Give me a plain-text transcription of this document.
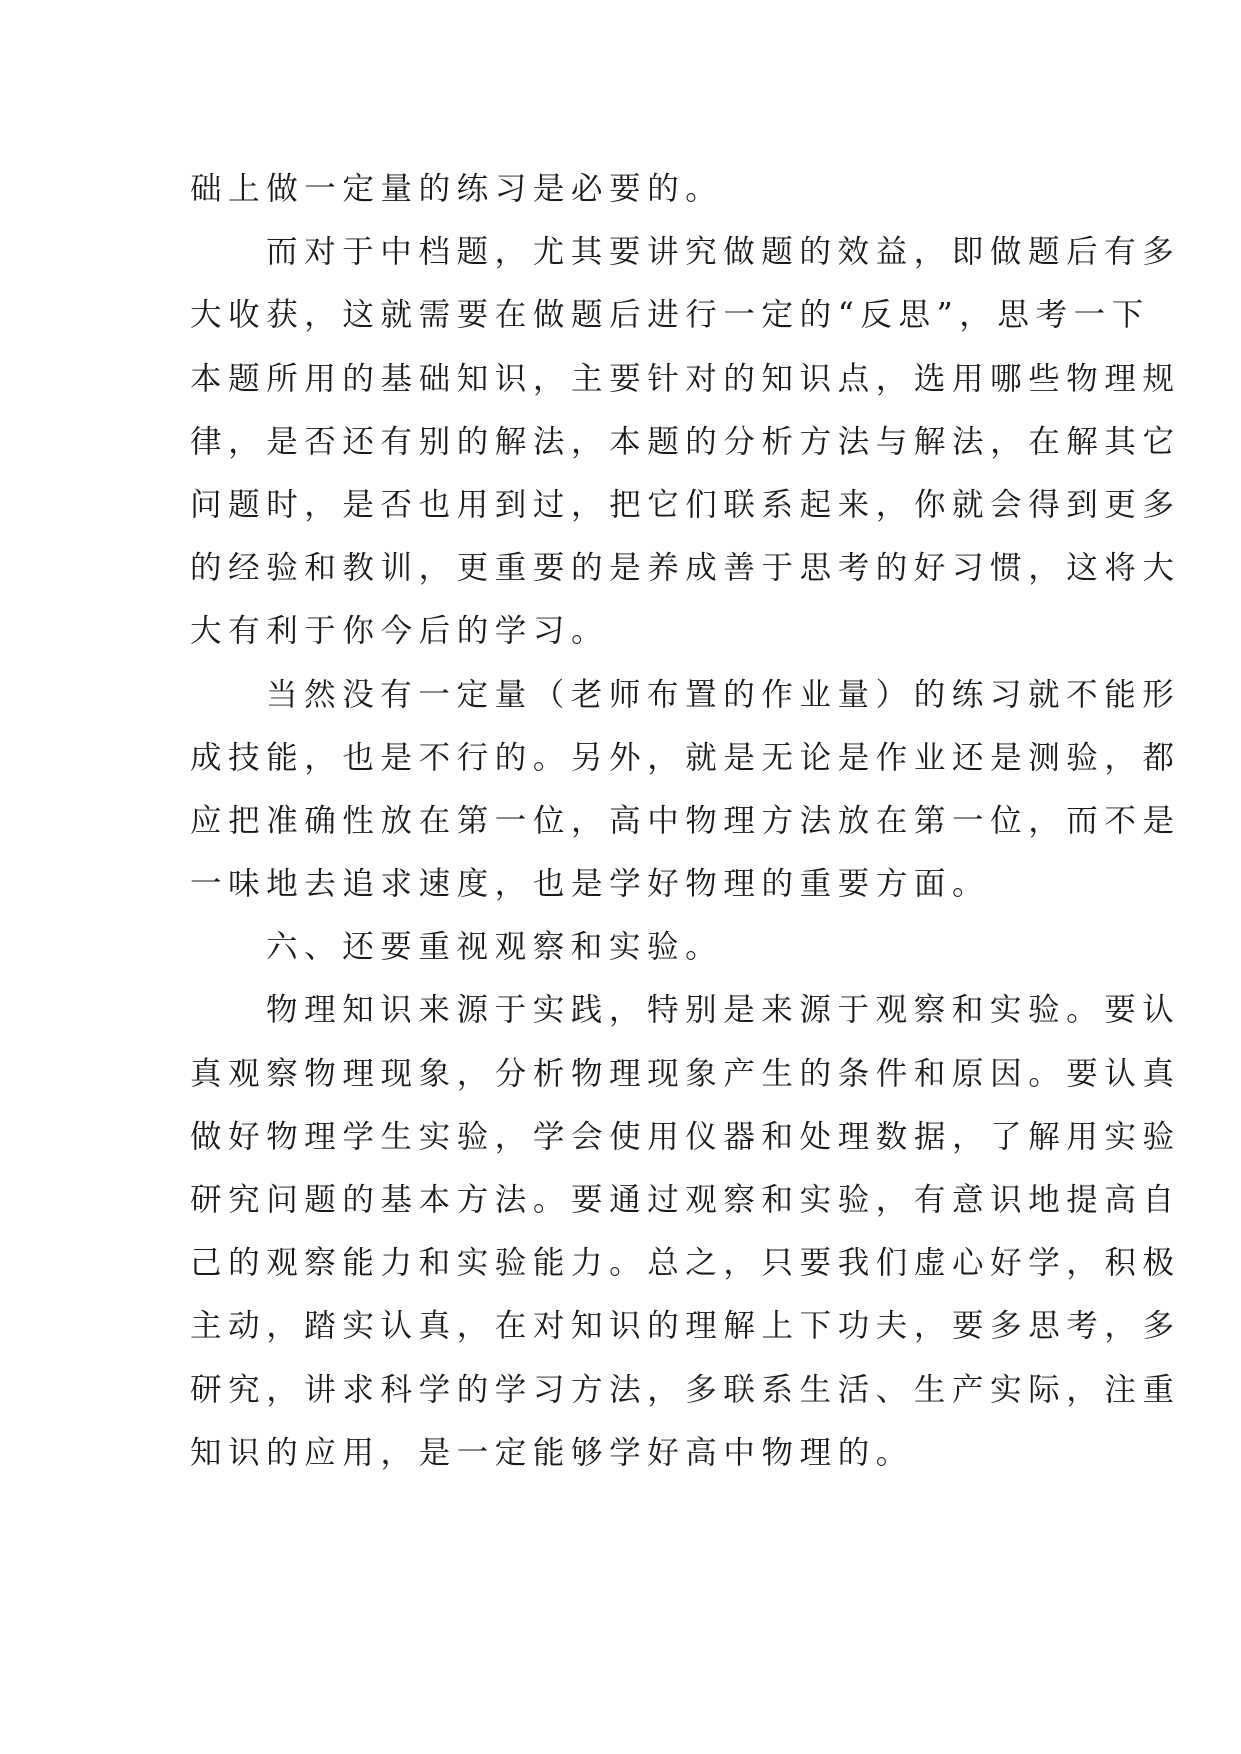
础上做一定量的练习是必要的。
而对于中档题，尤其要讲究做题的效益，即做题后有多
大收获，这就需要在做题后进行一定的“反思”，思考一下
本题所用的基础知识，主要针对的知识点，选用哪些物理规
律，是否还有别的解法，本题的分析方法与解法，在解其它
问题时，是否也用到过，把它们联系起来，你就会得到更多
的经验和教训，更重要的是养成善于思考的好习惯，这将大
大有利于你今后的学习。
当然没有一定量（老师布置的作业量）的练习就不能形
成技能，也是不行的。另外，就是无论是作业还是测验，都
应把准确性放在第一位，高中物理方法放在第一位，而不是
一味地去追求速度，也是学好物理的重要方面。
六、还要重视观察和实验。
物理知识来源于实践，特别是来源于观察和实验。要认
真观察物理现象，分析物理现象产生的条件和原因。要认真
做好物理学生实验，学会使用仪器和处理数据，了解用实验
研究问题的基本方法。要通过观察和实验，有意识地提高自
己的观察能力和实验能力。总之，只要我们虚心好学，积极
主动，踏实认真，在对知识的理解上下功夫，要多思考，多
研究，讲求科学的学习方法，多联系生活、生产实际，注重
知识的应用，是一定能够学好高中物理的。
